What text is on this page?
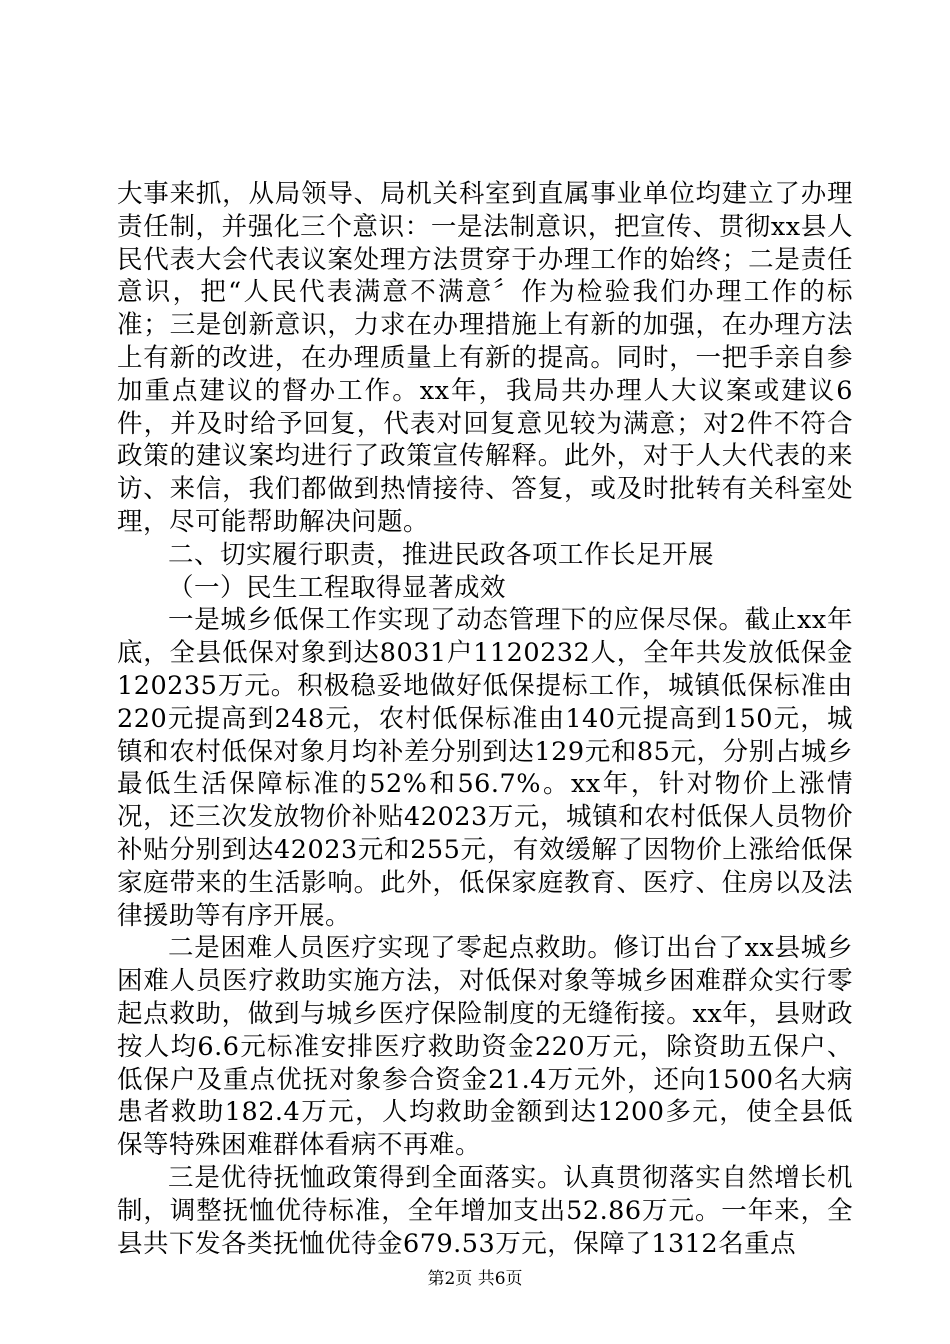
大事来抓，从局领导、局机关科室到直属事业单位均建立了办理责任制，并强化三个意识：一是法制意识，把宣传、贯彻xx县人民代表大会代表议案处理方法贯穿于办理工作的始终；二是责任意识，把“人民代表满意不满意〞作为检验我们办理工作的标准；三是创新意识，力求在办理措施上有新的加强，在办理方法上有新的改进，在办理质量上有新的提高。同时，一把手亲自参加重点建议的督办工作。xx年，我局共办理人大议案或建议6件，并及时给予回复，代表对回复意见较为满意；对2件不符合政策的建议案均进行了政策宣传解释。此外，对于人大代表的来访、来信，我们都做到热情接待、答复，或及时批转有关科室处理，尽可能帮助解决问题。

二、切实履行职责，推进民政各项工作长足开展

（一）民生工程取得显著成效

一是城乡低保工作实现了动态管理下的应保尽保。截止xx年底，全县低保对象到达8031户1120232人，全年共发放低保金120235万元。积极稳妥地做好低保提标工作，城镇低保标准由220元提高到248元，农村低保标准由140元提高到150元，城镇和农村低保对象月均补差分别到达129元和85元，分别占城乡最低生活保障标准的52%和56.7%。xx年，针对物价上涨情况，还三次发放物价补贴42023万元，城镇和农村低保人员物价补贴分别到达42023元和255元，有效缓解了因物价上涨给低保家庭带来的生活影响。此外，低保家庭教育、医疗、住房以及法律援助等有序开展。

二是困难人员医疗实现了零起点救助。修订出台了xx县城乡困难人员医疗救助实施方法，对低保对象等城乡困难群众实行零起点救助，做到与城乡医疗保险制度的无缝衔接。xx年，县财政按人均6.6元标准安排医疗救助资金220万元，除资助五保户、低保户及重点优抚对象参合资金21.4万元外，还向1500名大病患者救助182.4万元，人均救助金额到达1200多元，使全县低保等特殊困难群体看病不再难。

三是优待抚恤政策得到全面落实。认真贯彻落实自然增长机制，调整抚恤优待标准，全年增加支出52.86万元。一年来，全县共下发各类抚恤优待金679.53万元，保障了1312名重点

第2页 共6页
